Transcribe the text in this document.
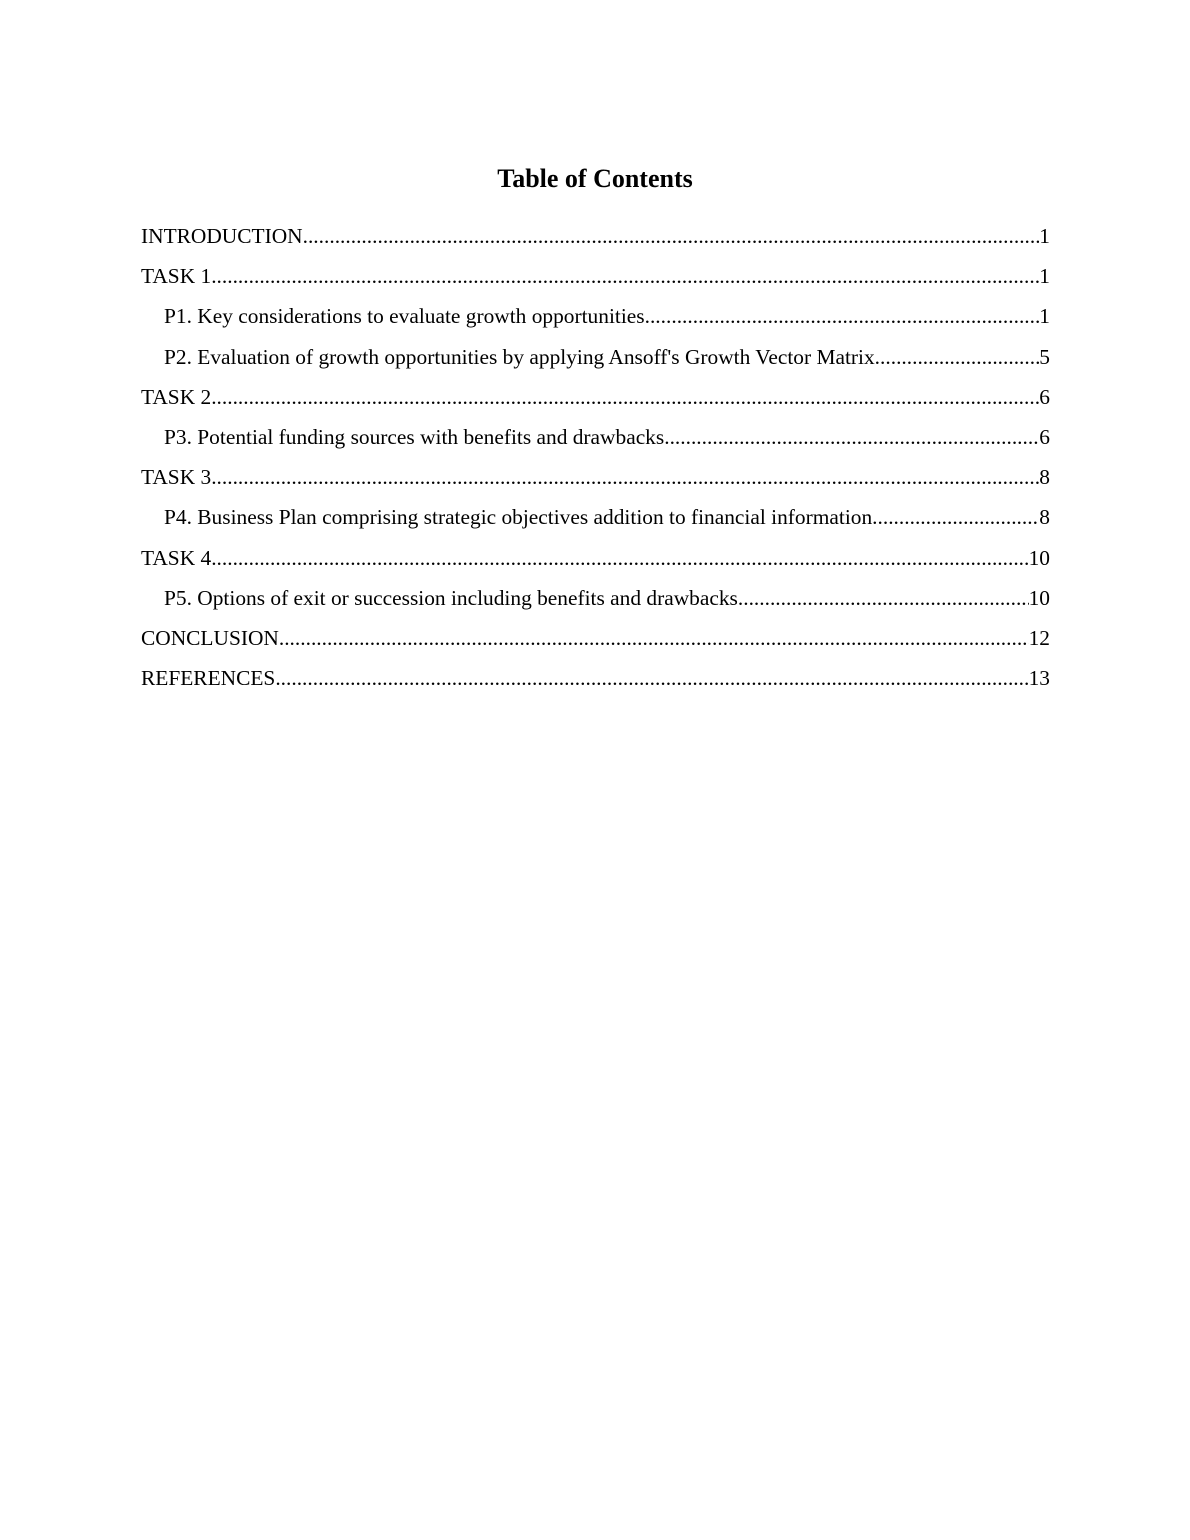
Table of Contents
INTRODUCTION .....	1
TASK 1 .....	1
P1. Key considerations to evaluate growth opportunities .....	1
P2. Evaluation of growth opportunities by applying Ansoff's Growth Vector Matrix .....	5
TASK 2 .....	6
P3. Potential funding sources with benefits and drawbacks .....	6
TASK 3 .....	8
P4. Business Plan comprising strategic objectives addition to financial information .....	8
TASK 4 .....	10
P5. Options of exit or succession including benefits and drawbacks .....	10
CONCLUSION .....	12
REFERENCES .....	13
